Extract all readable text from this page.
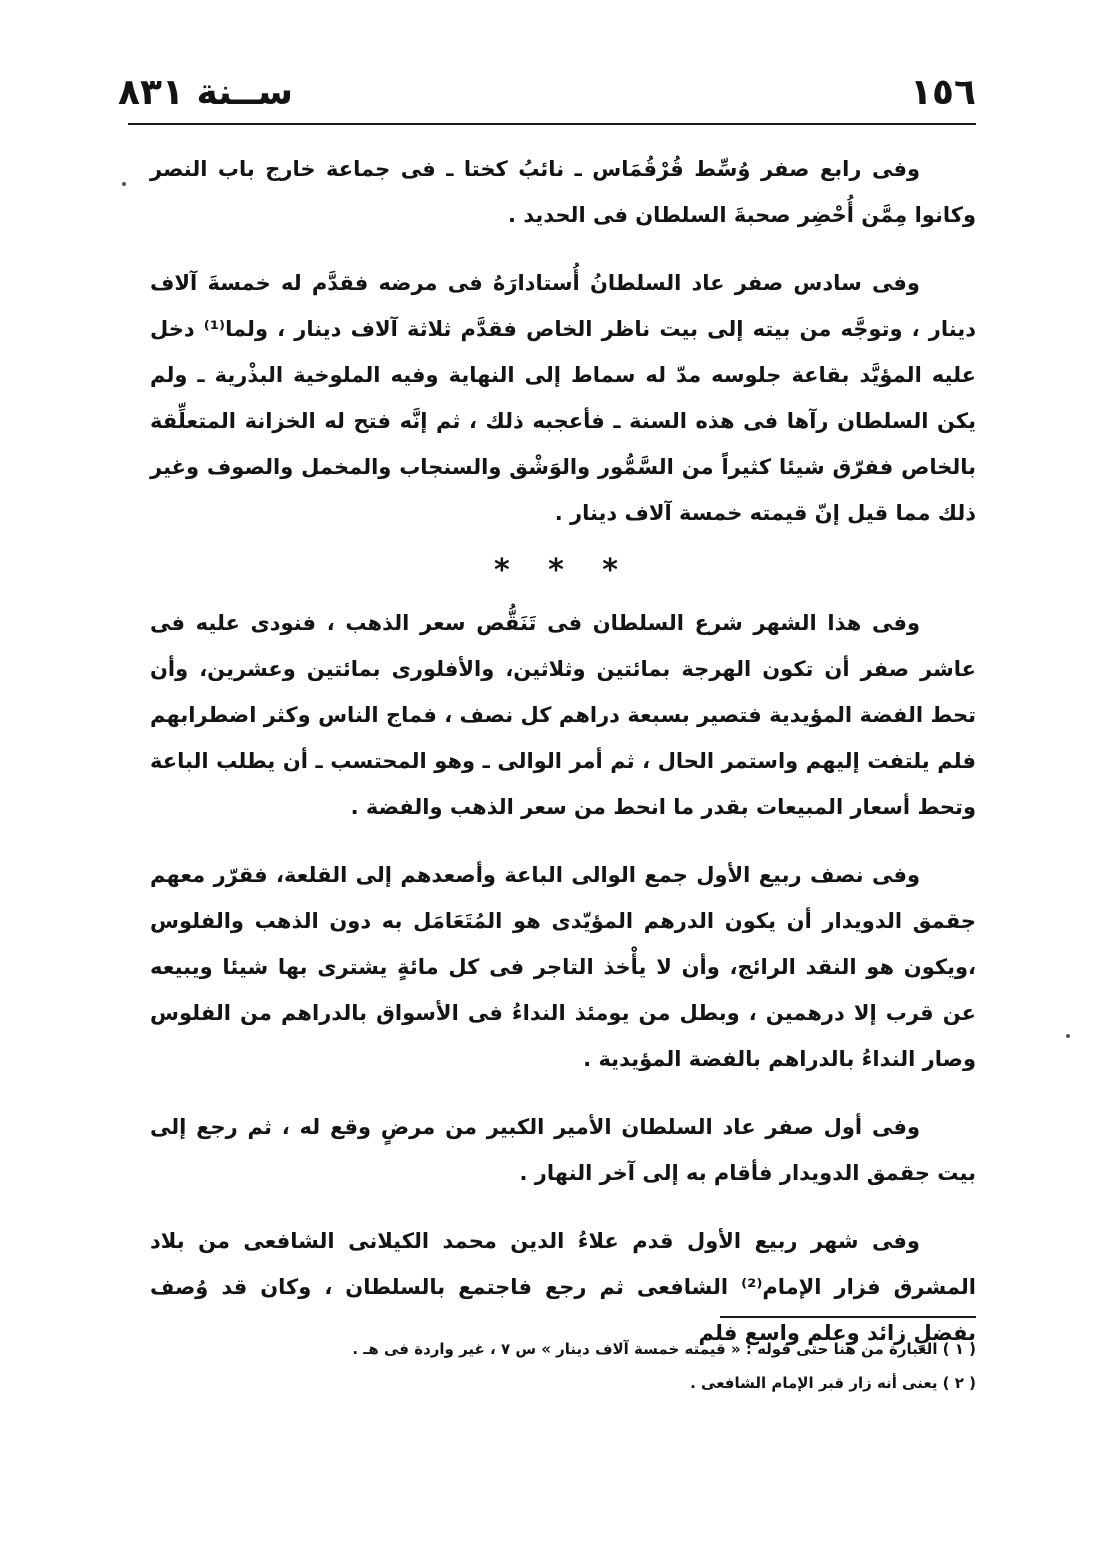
١٥٦
ســنة ٨٣١

وفى رابع صفر وُسِّط قُرْقُمَاس ـ نائبُ كختا ـ فى جماعة خارج باب النصر وكانوا مِمَّن أُحْضِر صحبةَ السلطان فى الحديد .

وفى سادس صفر عاد السلطانُ أُستادارَهُ فى مرضه فقدَّم له خمسةَ آلاف دينار ، وتوجَّه من بيته إلى بيت ناظر الخاص فقدَّم ثلاثة آلاف دينار ، ولما⁽¹⁾ دخل عليه المؤيَّد بقاعة جلوسه مدّ له سماط إلى النهاية وفيه الملوخية البذْرية ـ ولم يكن السلطان رآها فى هذه السنة ـ فأعجبه ذلك ، ثم إنَّه فتح له الخزانة المتعلِّقة بالخاص ففرّق شيئا كثيراً من السَّمُّور والوَشْق والسنجاب والمخمل والصوف وغير ذلك مما قيل إنّ قيمته خمسة آلاف دينار .

* * *

وفى هذا الشهر شرع السلطان فى تَنَقُّص سعر الذهب ، فنودى عليه فى عاشر صفر أن تكون الهرجة بمائتين وثلاثين، والأفلورى بمائتين وعشرين، وأن تحط الفضة المؤيدية فتصير بسبعة دراهم كل نصف ، فماج الناس وكثر اضطرابهم فلم يلتفت إليهم واستمر الحال ، ثم أمر الوالى ـ وهو المحتسب ـ أن يطلب الباعة وتحط أسعار المبيعات بقدر ما انحط من سعر الذهب والفضة .

وفى نصف ربيع الأول جمع الوالى الباعة وأصعدهم إلى القلعة، فقرّر معهم جقمق الدويدار أن يكون الدرهم المؤيّدى هو المُتَعَامَل به دون الذهب والفلوس ،ويكون هو النقد الرائج، وأن لا يأْخذ التاجر فى كل مائةٍ يشترى بها شيئا ويبيعه عن قرب إلا درهمين ، وبطل من يومئذ النداءُ فى الأسواق بالدراهم من الفلوس وصار النداءُ بالدراهم بالفضة المؤيدية .

وفى أول صفر عاد السلطان الأمير الكبير من مرضٍ وقع له ، ثم رجع إلى بيت جقمق الدويدار فأقام به إلى آخر النهار .

وفى شهر ربيع الأول قدم علاءُ الدين محمد الكيلانى الشافعى من بلاد المشرق فزار الإمام⁽²⁾ الشافعى ثم رجع فاجتمع بالسلطان ، وكان قد وُصف بفضلٍ زائد وعلم واسع فلم

( ١ ) العبارة من هنا حتى قوله : « قيمته خمسة آلاف دينار » س ٧ ، غير واردة فى هـ .

( ٢ ) يعنى أنه زار قبر الإمام الشافعى .
